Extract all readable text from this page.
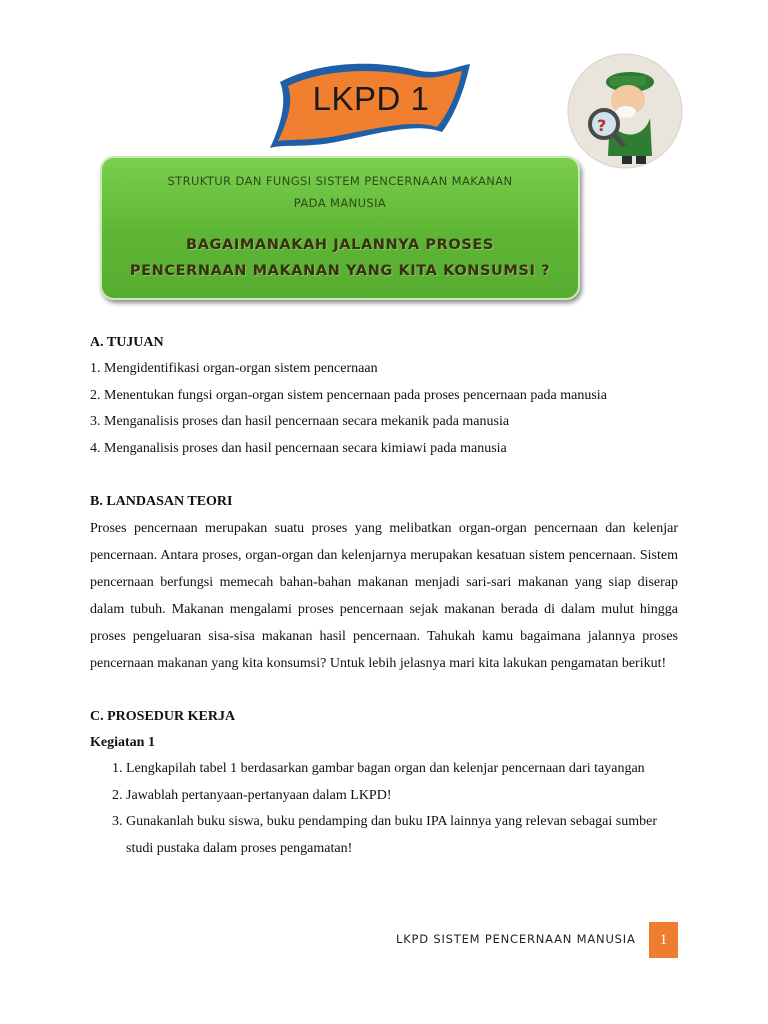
LKPD 1
?
STRUKTUR DAN FUNGSI SISTEM PENCERNAAN MAKANAN
PADA MANUSIA
BAGAIMANAKAH JALANNYA PROSES
PENCERNAAN MAKANAN YANG KITA KONSUMSI ?
A. TUJUAN
1. Mengidentifikasi organ-organ sistem pencernaan
2. Menentukan fungsi organ-organ sistem pencernaan pada proses pencernaan pada manusia
3. Menganalisis proses dan hasil pencernaan secara mekanik pada manusia
4. Menganalisis proses dan hasil pencernaan secara kimiawi pada manusia
B. LANDASAN TEORI
Proses pencernaan merupakan suatu proses yang melibatkan organ-organ pencernaan dan kelenjar pencernaan. Antara proses, organ-organ dan kelenjarnya merupakan kesatuan sistem pencernaan. Sistem pencernaan berfungsi memecah bahan-bahan makanan menjadi sari-sari makanan yang siap diserap dalam tubuh. Makanan mengalami proses pencernaan sejak makanan berada di dalam mulut hingga proses pengeluaran sisa-sisa makanan hasil pencernaan. Tahukah kamu bagaimana jalannya proses pencernaan makanan yang kita konsumsi? Untuk lebih jelasnya mari kita lakukan pengamatan berikut!
C. PROSEDUR KERJA
Kegiatan 1
1. Lengkapilah tabel 1 berdasarkan gambar bagan organ dan kelenjar pencernaan dari tayangan
2. Jawablah pertanyaan-pertanyaan dalam LKPD!
3. Gunakanlah buku siswa, buku pendamping dan buku IPA lainnya yang relevan sebagai sumber studi pustaka dalam proses pengamatan!
LKPD SISTEM PENCERNAAN MANUSIA	1
